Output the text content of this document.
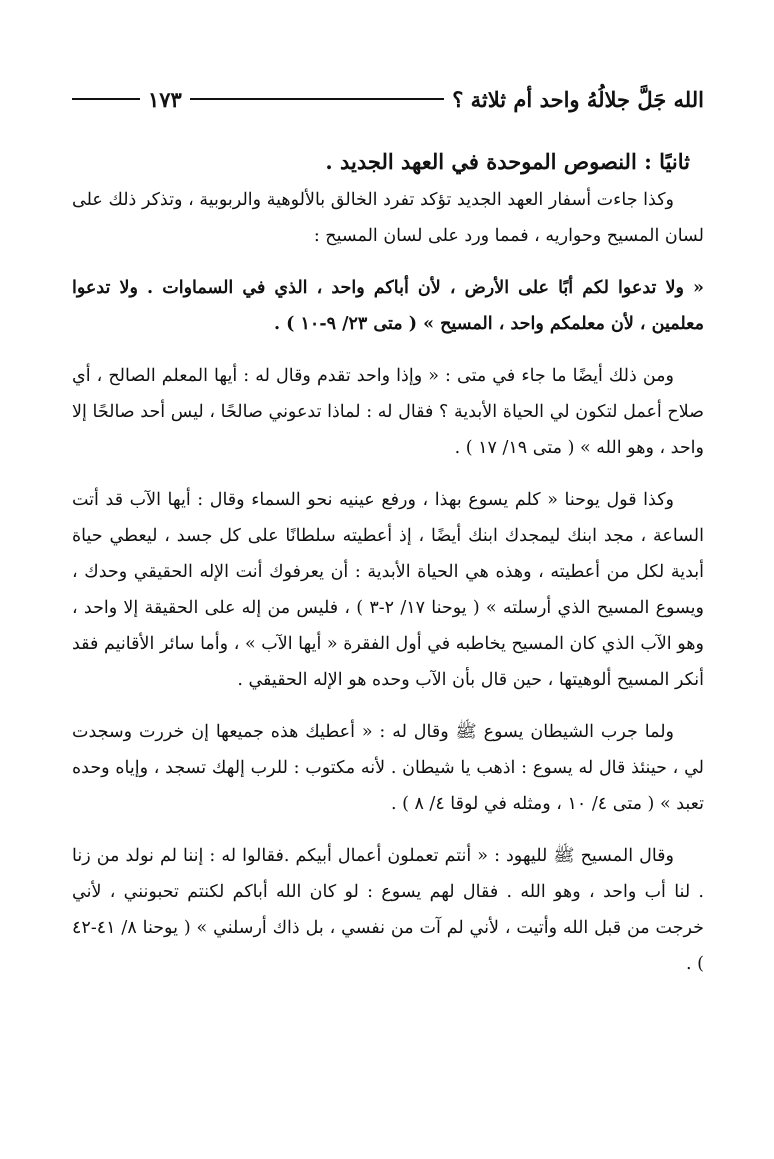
الله جَلَّ جلالُهُ واحد أم ثلاثة ؟
١٧٣
ثانيًا : النصوص الموحدة في العهد الجديد .

وكذا جاءت أسفار العهد الجديد تؤكد تفرد الخالق بالألوهية والربوبية ، وتذكر ذلك على لسان المسيح وحواريه ، فمما ورد على لسان المسيح :

« ولا تدعوا لكم أبًا على الأرض ، لأن أباكم واحد ، الذي في السماوات . ولا تدعوا معلمين ، لأن معلمكم واحد ، المسيح » ( متى ٢٣/ ٩-١٠ ) .

ومن ذلك أيضًا ما جاء في متى : « وإذا واحد تقدم وقال له : أيها المعلم الصالح ، أي صلاح أعمل لتكون لي الحياة الأبدية ؟ فقال له : لماذا تدعوني صالحًا ، ليس أحد صالحًا إلا واحد ، وهو الله » ( متى ١٩/ ١٧ ) .

وكذا قول يوحنا « كلم يسوع بهذا ، ورفع عينيه نحو السماء وقال : أيها الآب قد أتت الساعة ، مجد ابنك ليمجدك ابنك أيضًا ، إذ أعطيته سلطانًا على كل جسد ، ليعطي حياة أبدية لكل من أعطيته ، وهذه هي الحياة الأبدية : أن يعرفوك أنت الإله الحقيقي وحدك ، ويسوع المسيح الذي أرسلته » ( يوحنا ١٧/ ٢-٣ ) ، فليس من إله على الحقيقة إلا واحد ، وهو الآب الذي كان المسيح يخاطبه في أول الفقرة « أيها الآب » ، وأما سائر الأقانيم فقد أنكر المسيح ألوهيتها ، حين قال بأن الآب وحده هو الإله الحقيقي .

ولما جرب الشيطان يسوع ﷺ وقال له : « أعطيك هذه جميعها إن خررت وسجدت لي ، حينئذ قال له يسوع : اذهب يا شيطان . لأنه مكتوب : للرب إلهك تسجد ، وإياه وحده تعبد » ( متى ٤/ ١٠ ، ومثله في لوقا ٤/ ٨ ) .

وقال المسيح ﷺ لليهود : « أنتم تعملون أعمال أبيكم .فقالوا له : إننا لم نولد من زنا . لنا أب واحد ، وهو الله . فقال لهم يسوع : لو كان الله أباكم لكنتم تحبونني ، لأني خرجت من قبل الله وأتيت ، لأني لم آت من نفسي ، بل ذاك أرسلني » ( يوحنا ٨/ ٤١-٤٢ ) .
